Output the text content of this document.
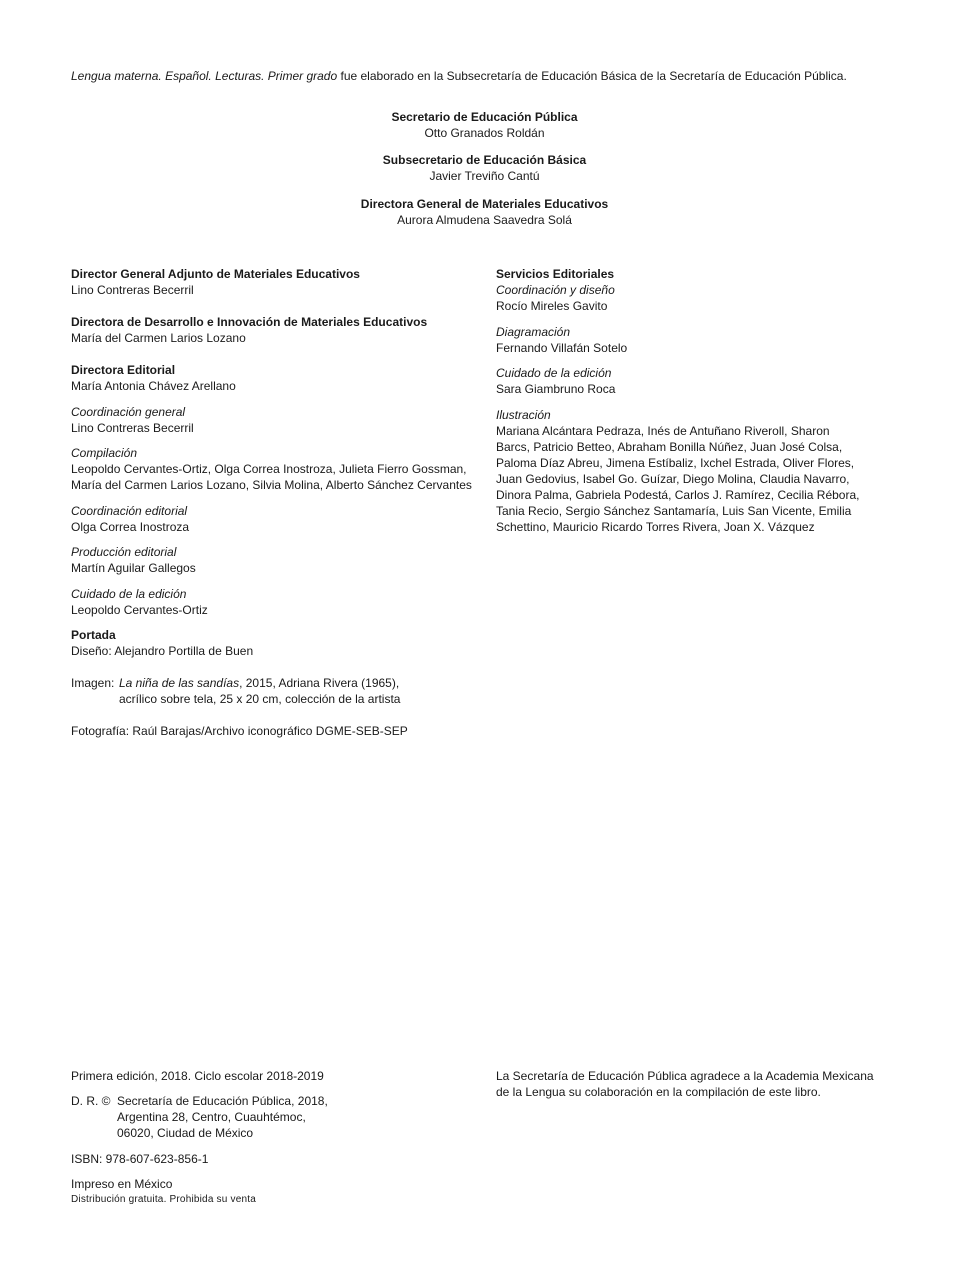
Lengua materna. Español. Lecturas. Primer grado fue elaborado en la Subsecretaría de Educación Básica de la Secretaría de Educación Pública.
Secretario de Educación Pública
Otto Granados Roldán
Subsecretario de Educación Básica
Javier Treviño Cantú
Directora General de Materiales Educativos
Aurora Almudena Saavedra Solá
Director General Adjunto de Materiales Educativos
Lino Contreras Becerril
Directora de Desarrollo e Innovación de Materiales Educativos
María del Carmen Larios Lozano
Directora Editorial
María Antonia Chávez Arellano
Coordinación general
Lino Contreras Becerril
Compilación
Leopoldo Cervantes-Ortiz, Olga Correa Inostroza, Julieta Fierro Gossman,
María del Carmen Larios Lozano, Silvia Molina, Alberto Sánchez Cervantes
Coordinación editorial
Olga Correa Inostroza
Producción editorial
Martín Aguilar Gallegos
Cuidado de la edición
Leopoldo Cervantes-Ortiz
Portada
Diseño: Alejandro Portilla de Buen
Imagen: La niña de las sandías, 2015, Adriana Rivera (1965),
acrílico sobre tela, 25 x 20 cm, colección de la artista
Fotografía: Raúl Barajas/Archivo iconográfico DGME-SEB-SEP
Servicios Editoriales
Coordinación y diseño
Rocío Mireles Gavito
Diagramación
Fernando Villafán Sotelo
Cuidado de la edición
Sara Giambruno Roca
Ilustración
Mariana Alcántara Pedraza, Inés de Antuñano Riveroll, Sharon
Barcs, Patricio Betteo, Abraham Bonilla Núñez, Juan José Colsa,
Paloma Díaz Abreu, Jimena Estíbaliz, Ixchel Estrada, Oliver Flores,
Juan Gedovius, Isabel Go. Guízar, Diego Molina, Claudia Navarro,
Dinora Palma, Gabriela Podestá, Carlos J. Ramírez, Cecilia Rébora,
Tania Recio, Sergio Sánchez Santamaría, Luis San Vicente, Emilia
Schettino, Mauricio Ricardo Torres Rivera, Joan X. Vázquez
Primera edición, 2018. Ciclo escolar 2018-2019
D. R. © Secretaría de Educación Pública, 2018,
Argentina 28, Centro, Cuauhtémoc,
06020, Ciudad de México
ISBN: 978-607-623-856-1
Impreso en México
Distribución gratuita. Prohibida su venta
La Secretaría de Educación Pública agradece a la Academia Mexicana
de la Lengua su colaboración en la compilación de este libro.
